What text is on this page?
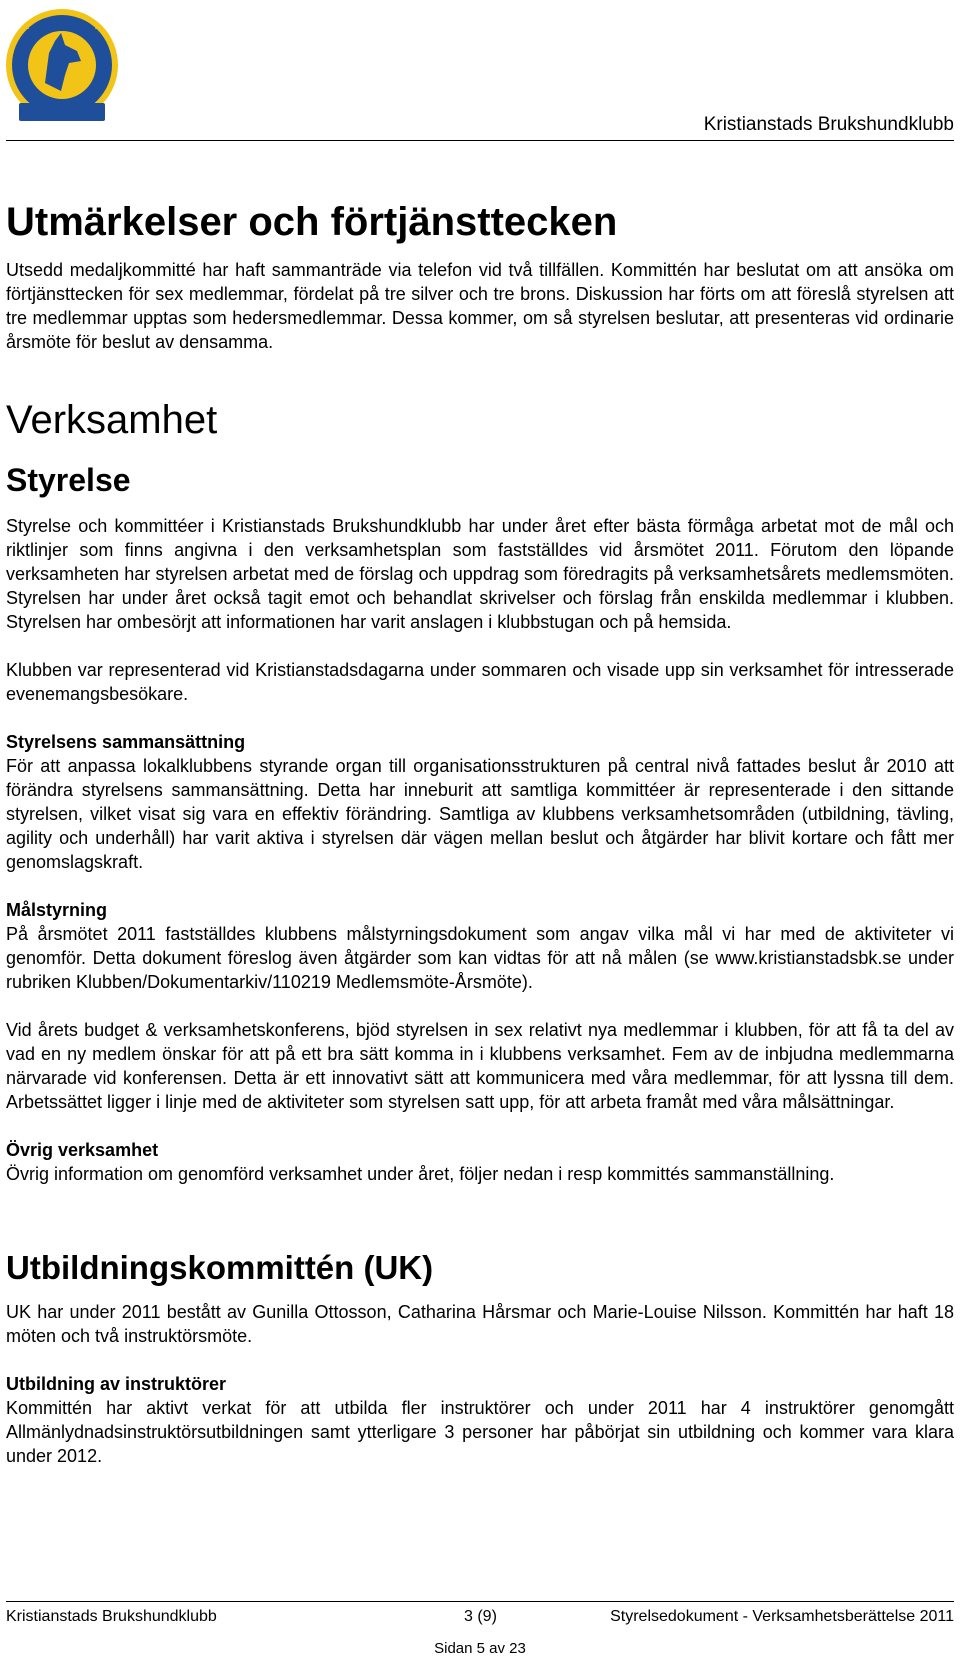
Kristianstads Brukshundklubb
Utmärkelser och förtjänsttecken

Utsedd medaljkommitté har haft sammanträde via telefon vid två tillfällen. Kommittén har beslutat om att ansöka om förtjänsttecken för sex medlemmar, fördelat på tre silver och tre brons. Diskussion har förts om att föreslå styrelsen att tre medlemmar upptas som hedersmedlemmar. Dessa kommer, om så styrelsen beslutar, att presenteras vid ordinarie årsmöte för beslut av densamma.

Verksamhet
Styrelse

Styrelse och kommittéer i Kristianstads Brukshundklubb har under året efter bästa förmåga arbetat mot de mål och riktlinjer som finns angivna i den verksamhetsplan som fastställdes vid årsmötet 2011. Förutom den löpande verksamheten har styrelsen arbetat med de förslag och uppdrag som föredragits på verksamhetsårets medlemsmöten. Styrelsen har under året också tagit emot och behandlat skrivelser och förslag från enskilda medlemmar i klubben. Styrelsen har ombesörjt att informationen har varit anslagen i klubbstugan och på hemsida.

Klubben var representerad vid Kristianstadsdagarna under sommaren och visade upp sin verksamhet för intresserade evenemangsbesökare.

Styrelsens sammansättning

För att anpassa lokalklubbens styrande organ till organisationsstrukturen på central nivå fattades beslut år 2010 att förändra styrelsens sammansättning. Detta har inneburit att samtliga kommittéer är representerade i den sittande styrelsen, vilket visat sig vara en effektiv förändring. Samtliga av klubbens verksamhetsområden (utbildning, tävling, agility och underhåll) har varit aktiva i styrelsen där vägen mellan beslut och åtgärder har blivit kortare och fått mer genomslagskraft.

Målstyrning

På årsmötet 2011 fastställdes klubbens målstyrningsdokument som angav vilka mål vi har med de aktiviteter vi genomför. Detta dokument föreslog även åtgärder som kan vidtas för att nå målen (se www.kristianstadsbk.se under rubriken Klubben/Dokumentarkiv/110219 Medlemsmöte-Årsmöte).

Vid årets budget & verksamhetskonferens, bjöd styrelsen in sex relativt nya medlemmar i klubben, för att få ta del av vad en ny medlem önskar för att på ett bra sätt komma in i klubbens verksamhet. Fem av de inbjudna medlemmarna närvarade vid konferensen. Detta är ett innovativt sätt att kommunicera med våra medlemmar, för att lyssna till dem. Arbetssättet ligger i linje med de aktiviteter som styrelsen satt upp, för att arbeta framåt med våra målsättningar.

Övrig verksamhet

Övrig information om genomförd verksamhet under året, följer nedan i resp kommittés sammanställning.

Utbildningskommittén (UK)

UK har under 2011 bestått av Gunilla Ottosson, Catharina Hårsmar och Marie-Louise Nilsson. Kommittén har haft 18 möten och två instruktörsmöte.

Utbildning av instruktörer

Kommittén har aktivt verkat för att utbilda fler instruktörer och under 2011 har 4 instruktörer genomgått Allmänlydnadsinstruktörsutbildningen samt ytterligare 3 personer har påbörjat sin utbildning och kommer vara klara under 2012.

Kristianstads Brukshundklubb	3 (9)	Styrelsedokument - Verksamhetsberättelse 2011
Sidan 5 av 23
